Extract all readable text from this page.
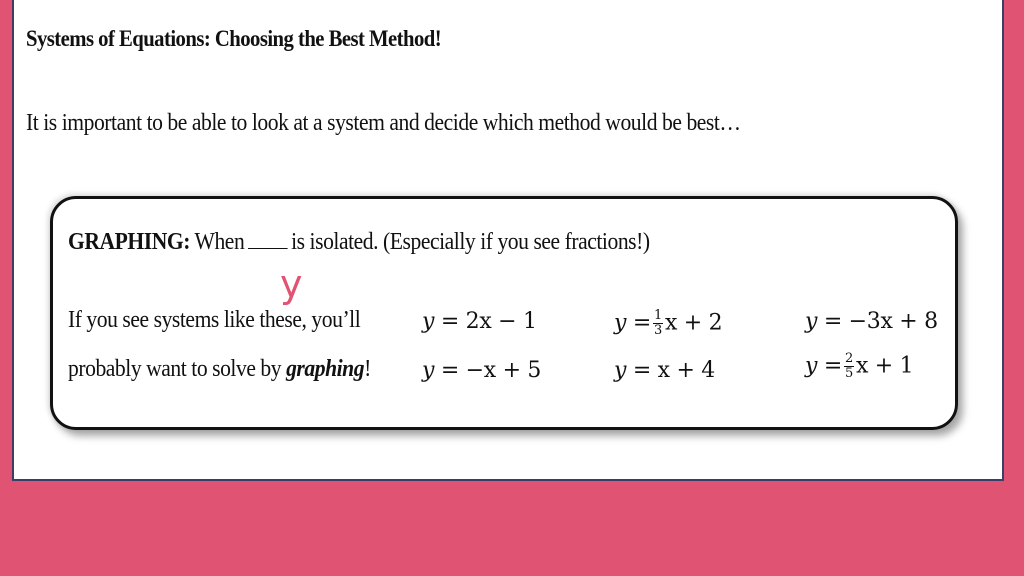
Systems of Equations: Choosing the Best Method!
It is important to be able to look at a system and decide which method would be best…
GRAPHING: When is isolated. (Especially if you see fractions!)
y
If you see systems like these, you’ll
probably want to solve by graphing!
y = 2x − 1	$y = \frac{1}{3}$ x + 2	y = −3x + 8
y = −x + 5	y = x + 4	$y = \frac{2}{5}$ x + 1
